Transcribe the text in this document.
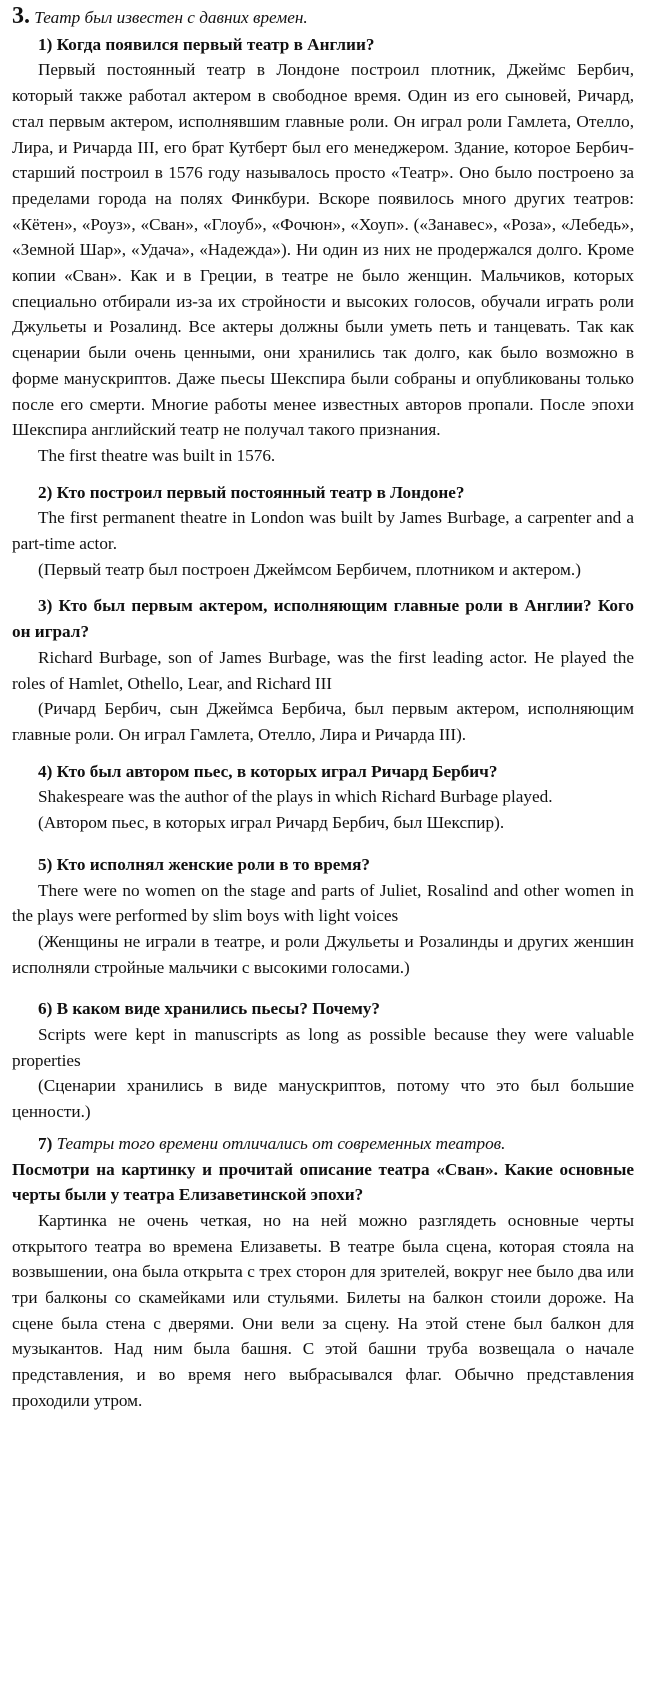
3. Театр был известен с давних времен.

1) Когда появился первый театр в Англии?

Первый постоянный театр в Лондоне построил плотник, Джеймс Бербич, который также работал актером в свободное время. Один из его сыновей, Ричард, стал первым актером, исполнявшим главные роли. Он играл роли Гамлета, Отелло, Лира, и Ричарда III, его брат Кутберт был его менеджером. Здание, которое Бербич-старший построил в 1576 году называлось просто «Театр». Оно было построено за пределами города на полях Финкбури. Вскоре появилось много других театров: «Кётен», «Роуз», «Сван», «Глоуб», «Фочюн», «Хоуп». («Занавес», «Роза», «Лебедь», «Земной Шар», «Удача», «Надежда»). Ни один из них не продержался долго. Кроме копии «Сван». Как и в Греции, в театре не было женщин. Мальчиков, которых специально отбирали из-за их стройности и высоких голосов, обучали играть роли Джульеты и Розалинд. Все актеры должны были уметь петь и танцевать. Так как сценарии были очень ценными, они хранились так долго, как было возможно в форме манускриптов. Даже пьесы Шекспира были собраны и опубликованы только после его смерти. Многие работы менее известных авторов пропали. После эпохи Шекспира английский театр не получал такого признания.

The first theatre was built in 1576.

2) Кто построил первый постоянный театр в Лондоне?

The first permanent theatre in London was built by James Burbage, a carpenter and a part-time actor.

(Первый театр был построен Джеймсом Бербичем, плотником и актером.)

3) Кто был первым актером, исполняющим главные роли в Англии? Кого он играл?

Richard Burbage, son of James Burbage, was the first leading actor. He played the roles of Hamlet, Othello, Lear, and Richard III

(Ричард Бербич, сын Джеймса Бербича, был первым актером, исполняющим главные роли. Он играл Гамлета, Отелло, Лира и Ричарда III).

4) Кто был автором пьес, в которых играл Ричард Бербич?

Shakespeare was the author of the plays in which Richard Burbage played.

(Автором пьес, в которых играл Ричард Бербич, был Шекспир).

5) Кто исполнял женские роли в то время?

There were no women on the stage and parts of Juliet, Rosalind and other women in the plays were performed by slim boys with light voices

(Женщины не играли в театре, и роли Джульеты и Розалинды и других женшин исполняли стройные мальчики с высокими голосами.)

6) В каком виде хранились пьесы? Почему?

Scripts were kept in manuscripts as long as possible because they were valuable properties

(Сценарии хранились в виде манускриптов, потому что это был большие ценности.)

7) Театры того времени отличались от современных театров.

Посмотри на картинку и прочитай описание театра «Сван». Какие основные черты были у театра Елизаветинской эпохи?

Картинка не очень четкая, но на ней можно разглядеть основные черты открытого театра во времена Елизаветы. В театре была сцена, которая стояла на возвышении, она была открыта с трех сторон для зрителей, вокруг нее было два или три балконы со скамейками или стульями. Билеты на балкон стоили дороже. На сцене была стена с дверями. Они вели за сцену. На этой стене был балкон для музыкантов. Над ним была башня. С этой башни труба возвещала о начале представления, и во время него выбрасывался флаг. Обычно представления проходили утром.
